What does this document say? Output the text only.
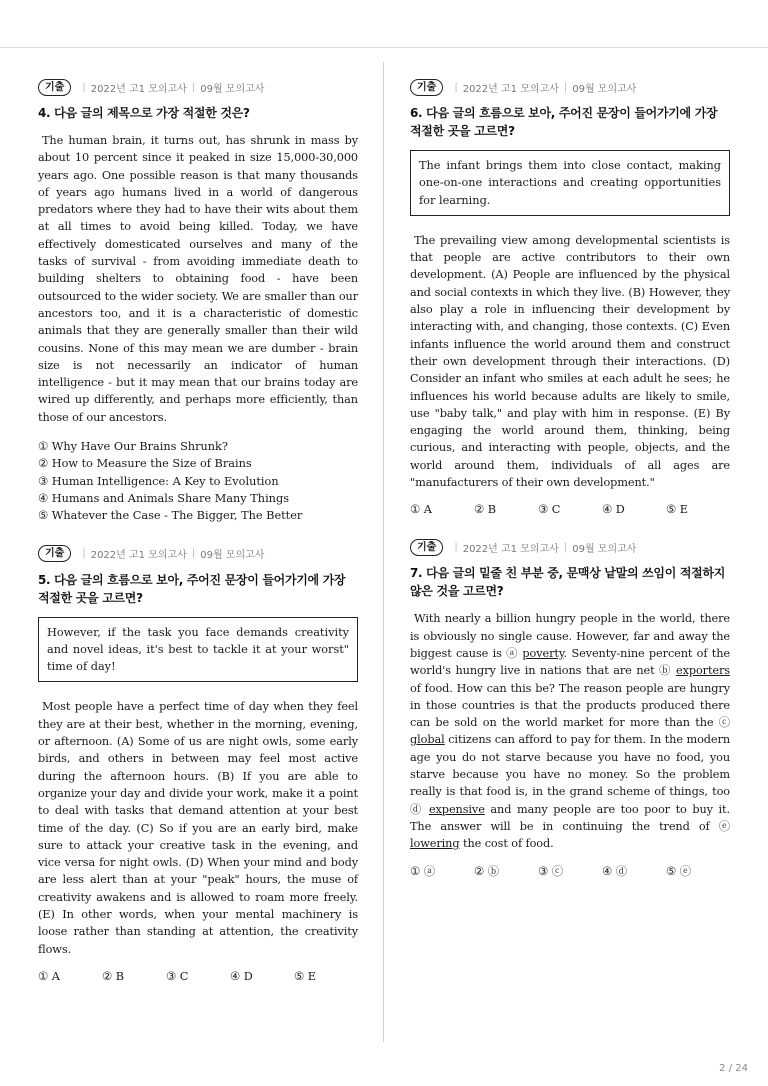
기출	| 2022년 고1 모의고사 | 09월 모의고사
4. 다음 글의 제목으로 가장 적절한 것은?

The human brain, it turns out, has shrunk in mass by about 10 percent since it peaked in size 15,000-30,000 years ago. One possible reason is that many thousands of years ago humans lived in a world of dangerous predators where they had to have their wits about them at all times to avoid being killed. Today, we have effectively domesticated ourselves and many of the tasks of survival - from avoiding immediate death to building shelters to obtaining food - have been outsourced to the wider society. We are smaller than our ancestors too, and it is a characteristic of domestic animals that they are generally smaller than their wild cousins. None of this may mean we are dumber - brain size is not necessarily an indicator of human intelligence - but it may mean that our brains today are wired up differently, and perhaps more efficiently, than those of our ancestors.

① Why Have Our Brains Shrunk?
② How to Measure the Size of Brains
③ Human Intelligence: A Key to Evolution
④ Humans and Animals Share Many Things
⑤ Whatever the Case - The Bigger, The Better
기출	| 2022년 고1 모의고사 | 09월 모의고사
5. 다음 글의 흐름으로 보아, 주어진 문장이 들어가기에 가장 적절한 곳을 고르면?
However, if the task you face demands creativity and novel ideas, it's best to tackle it at your worst" time of day!

Most people have a perfect time of day when they feel they are at their best, whether in the morning, evening, or afternoon. (A) Some of us are night owls, some early birds, and others in between may feel most active during the afternoon hours. (B) If you are able to organize your day and divide your work, make it a point to deal with tasks that demand attention at your best time of the day. (C) So if you are an early bird, make sure to attack your creative task in the evening, and vice versa for night owls. (D) When your mind and body are less alert than at your "peak" hours, the muse of creativity awakens and is allowed to roam more freely. (E) In other words, when your mental machinery is loose rather than standing at attention, the creativity flows.

① A	② B	③ C	④ D	⑤ E
기출	| 2022년 고1 모의고사 | 09월 모의고사
6. 다음 글의 흐름으로 보아, 주어진 문장이 들어가기에 가장 적절한 곳을 고르면?
The infant brings them into close contact, making one-on-one interactions and creating opportunities for learning.

The prevailing view among developmental scientists is that people are active contributors to their own development. (A) People are influenced by the physical and social contexts in which they live. (B) However, they also play a role in influencing their development by interacting with, and changing, those contexts. (C) Even infants influence the world around them and construct their own development through their interactions. (D) Consider an infant who smiles at each adult he sees; he influences his world because adults are likely to smile, use "baby talk," and play with him in response. (E) By engaging the world around them, thinking, being curious, and interacting with people, objects, and the world around them, individuals of all ages are "manufacturers of their own development."

① A	② B	③ C	④ D	⑤ E
기출	| 2022년 고1 모의고사 | 09월 모의고사
7. 다음 글의 밑줄 친 부분 중, 문맥상 낱말의 쓰임이 적절하지 않은 것을 고르면?

With nearly a billion hungry people in the world, there is obviously no single cause. However, far and away the biggest cause is ⓐ poverty. Seventy-nine percent of the world's hungry live in nations that are net ⓑ exporters of food. How can this be? The reason people are hungry in those countries is that the products produced there can be sold on the world market for more than the ⓒ global citizens can afford to pay for them. In the modern age you do not starve because you have no food, you starve because you have no money. So the problem really is that food is, in the grand scheme of things, too ⓓ expensive and many people are too poor to buy it. The answer will be in continuing the trend of ⓔ lowering the cost of food.

① ⓐ	② ⓑ	③ ⓒ	④ ⓓ	⑤ ⓔ
2 / 24
